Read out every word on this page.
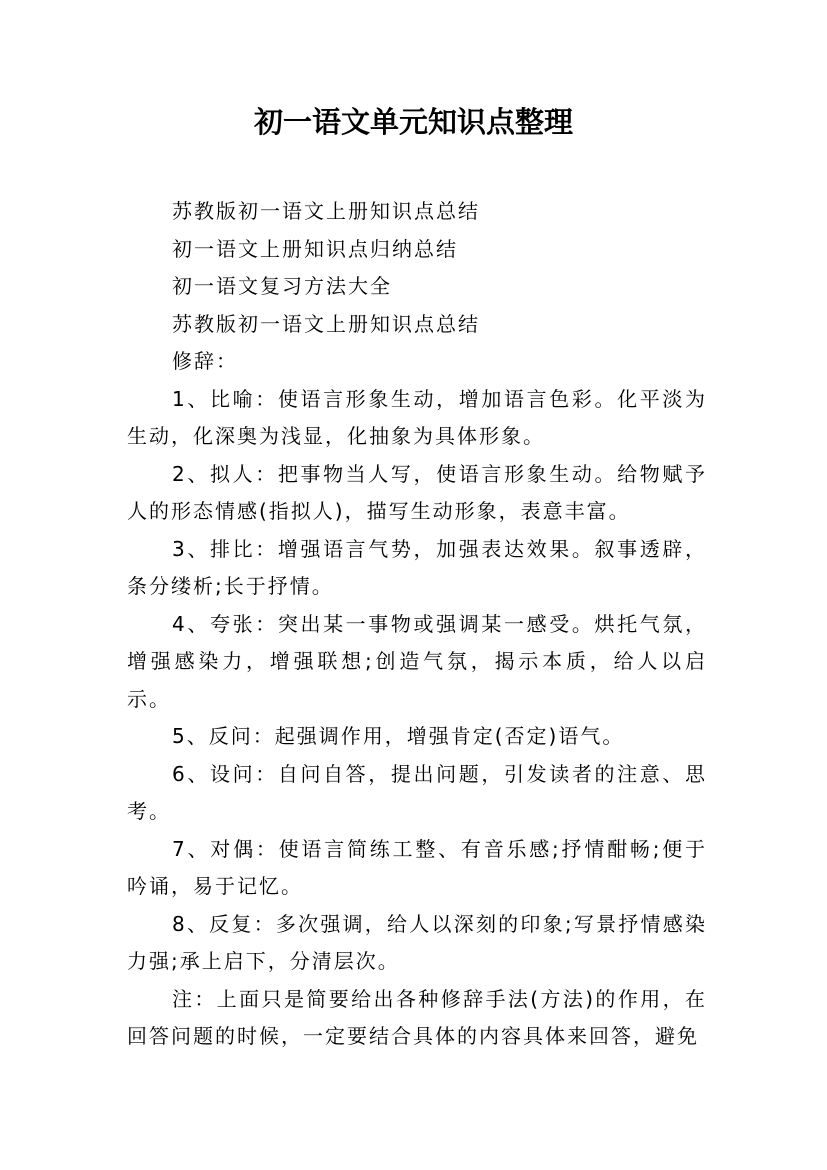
初一语文单元知识点整理

苏教版初一语文上册知识点总结

初一语文上册知识点归纳总结

初一语文复习方法大全

苏教版初一语文上册知识点总结

修辞：

1、比喻：使语言形象生动，增加语言色彩。化平淡为生动，化深奥为浅显，化抽象为具体形象。

2、拟人：把事物当人写，使语言形象生动。给物赋予人的形态情感(指拟人)，描写生动形象，表意丰富。

3、排比：增强语言气势，加强表达效果。叙事透辟，条分缕析;长于抒情。

4、夸张：突出某一事物或强调某一感受。烘托气氛，增强感染力，增强联想;创造气氛，揭示本质，给人以启示。

5、反问：起强调作用，增强肯定(否定)语气。

6、设问：自问自答，提出问题，引发读者的注意、思考。

7、对偶：使语言简练工整、有音乐感;抒情酣畅;便于吟诵，易于记忆。

8、反复：多次强调，给人以深刻的印象;写景抒情感染力强;承上启下，分清层次。

注：上面只是简要给出各种修辞手法(方法)的作用，在回答问题的时候，一定要结合具体的内容具体来回答，避免
